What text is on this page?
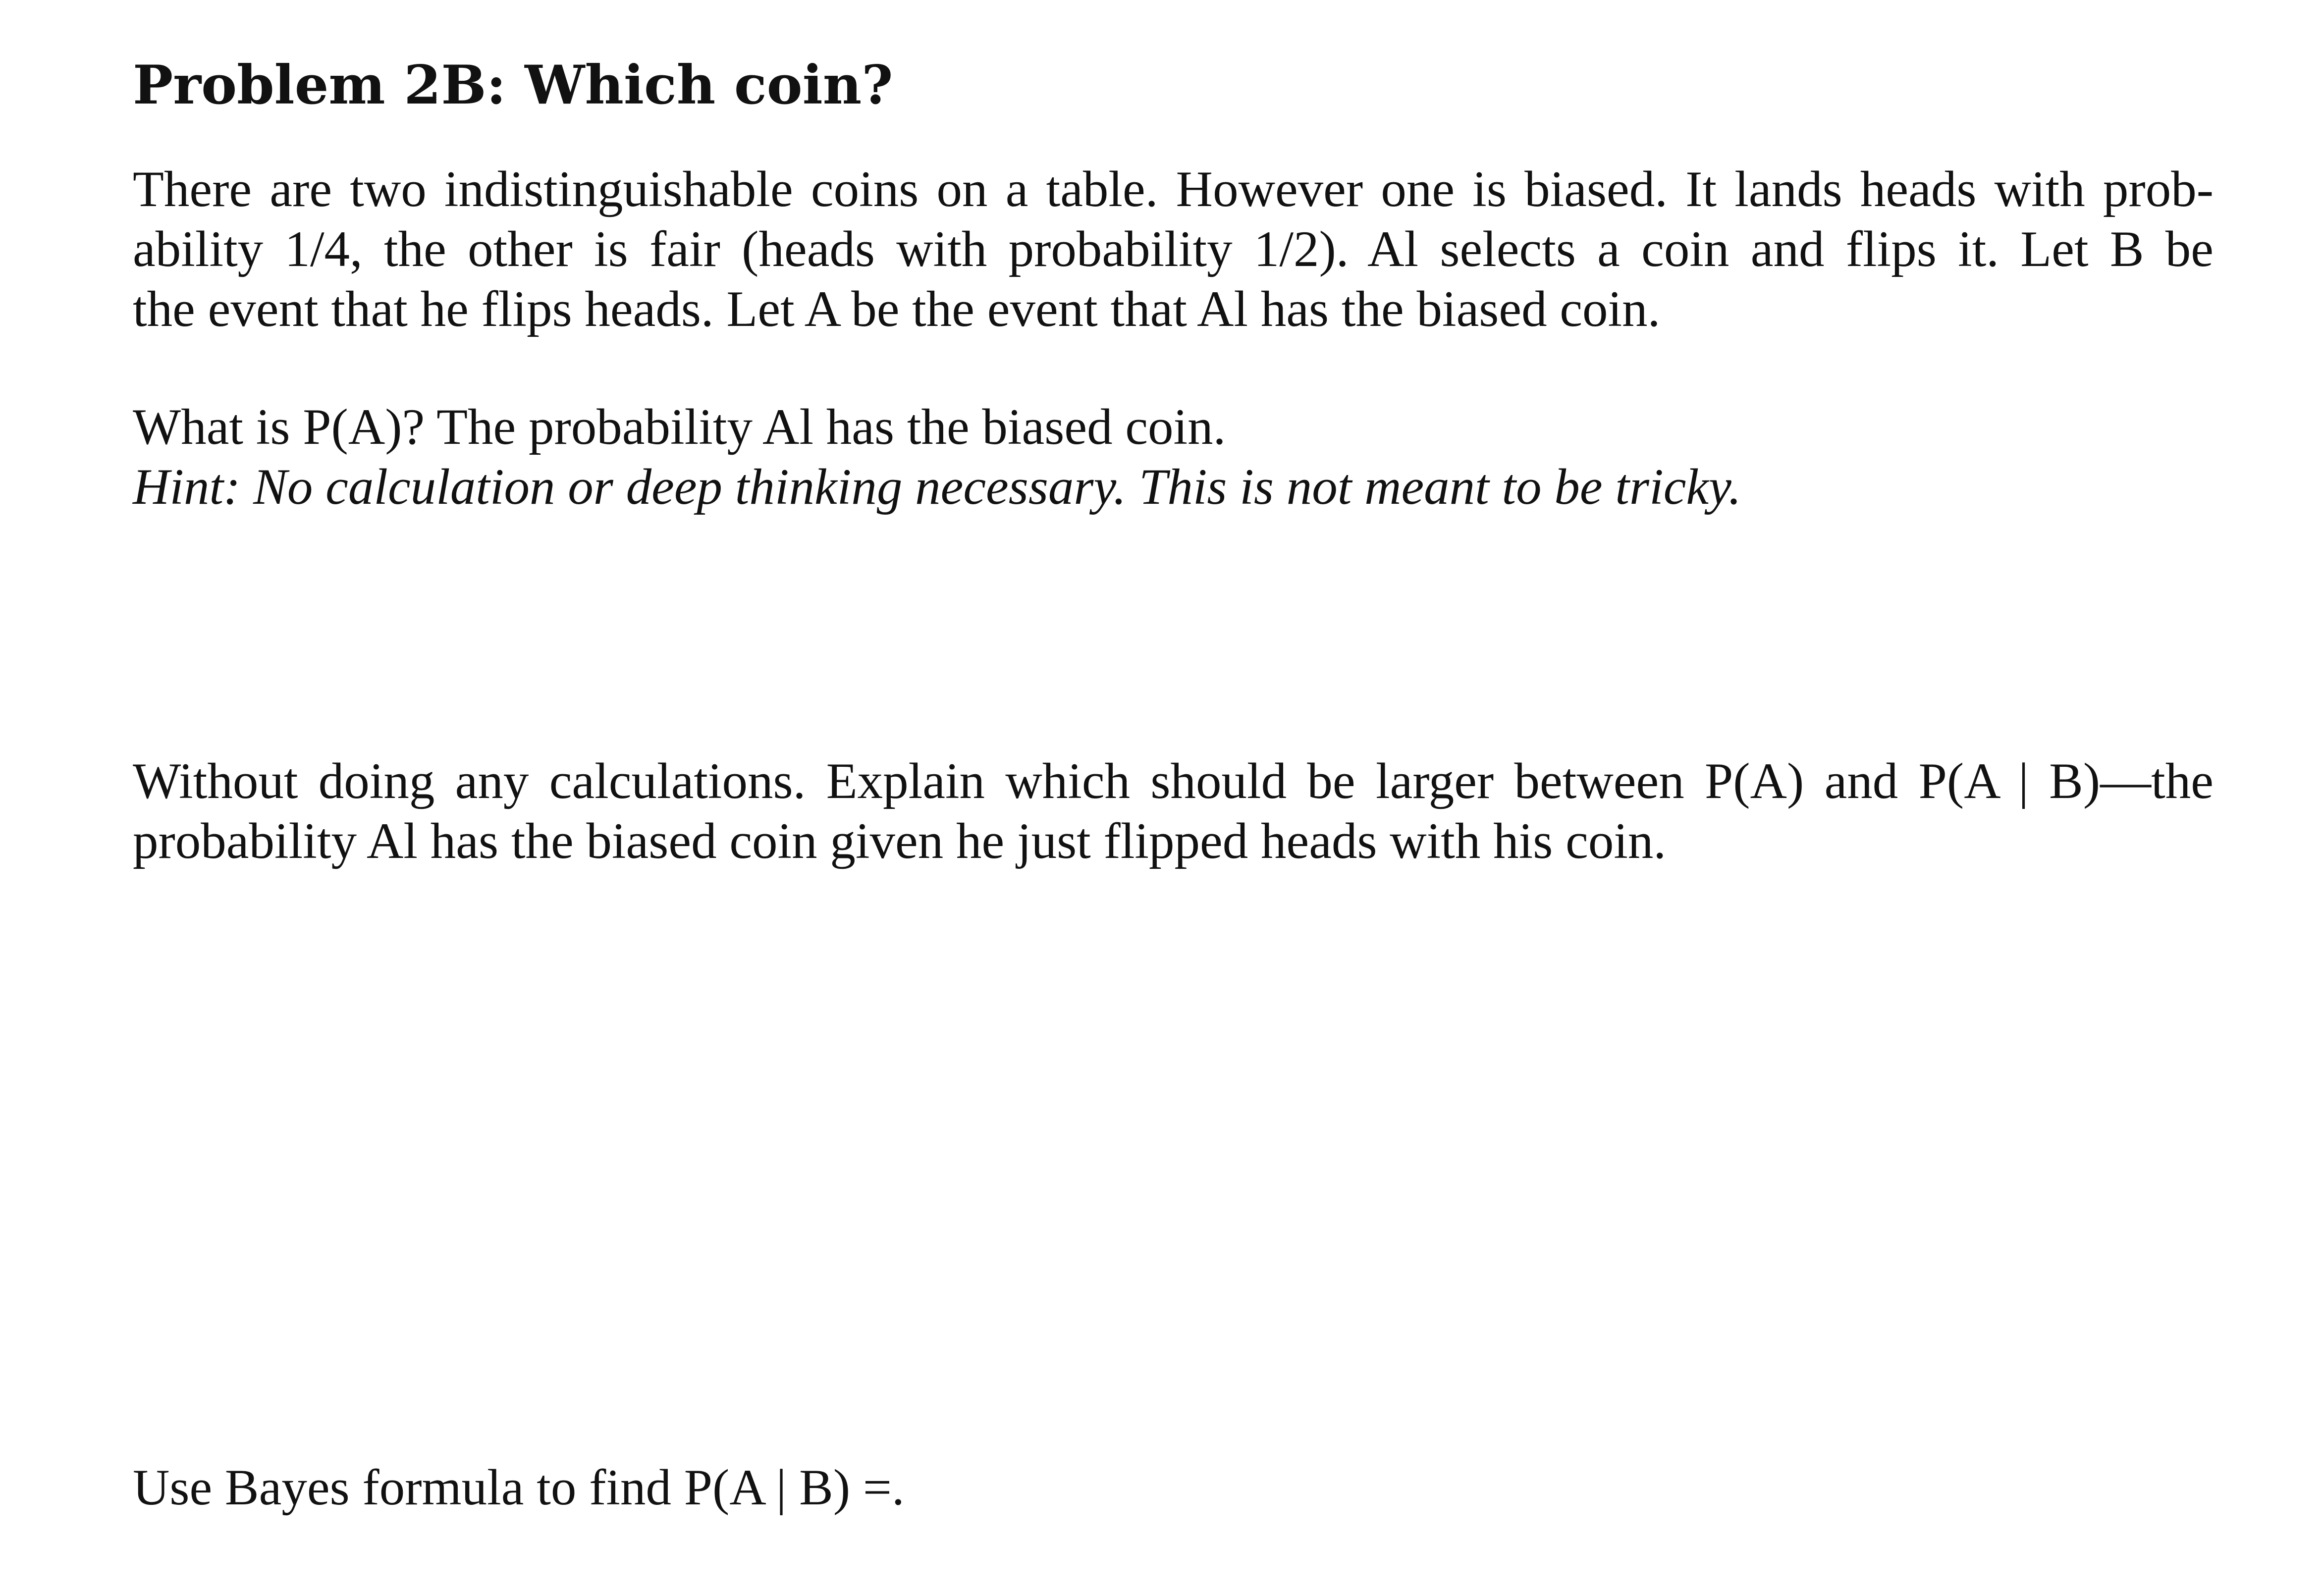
Problem 2B: Which coin?
There are two indistinguishable coins on a table. However one is biased. It lands heads with prob-
ability 1/4, the other is fair (heads with probability 1/2). Al selects a coin and flips it. Let B be
the event that he flips heads. Let A be the event that Al has the biased coin.
What is P(A)? The probability Al has the biased coin.
Hint: No calculation or deep thinking necessary. This is not meant to be tricky.
Without doing any calculations. Explain which should be larger between P(A) and P(A | B)—the
probability Al has the biased coin given he just flipped heads with his coin.
Use Bayes formula to find P(A | B) =.
